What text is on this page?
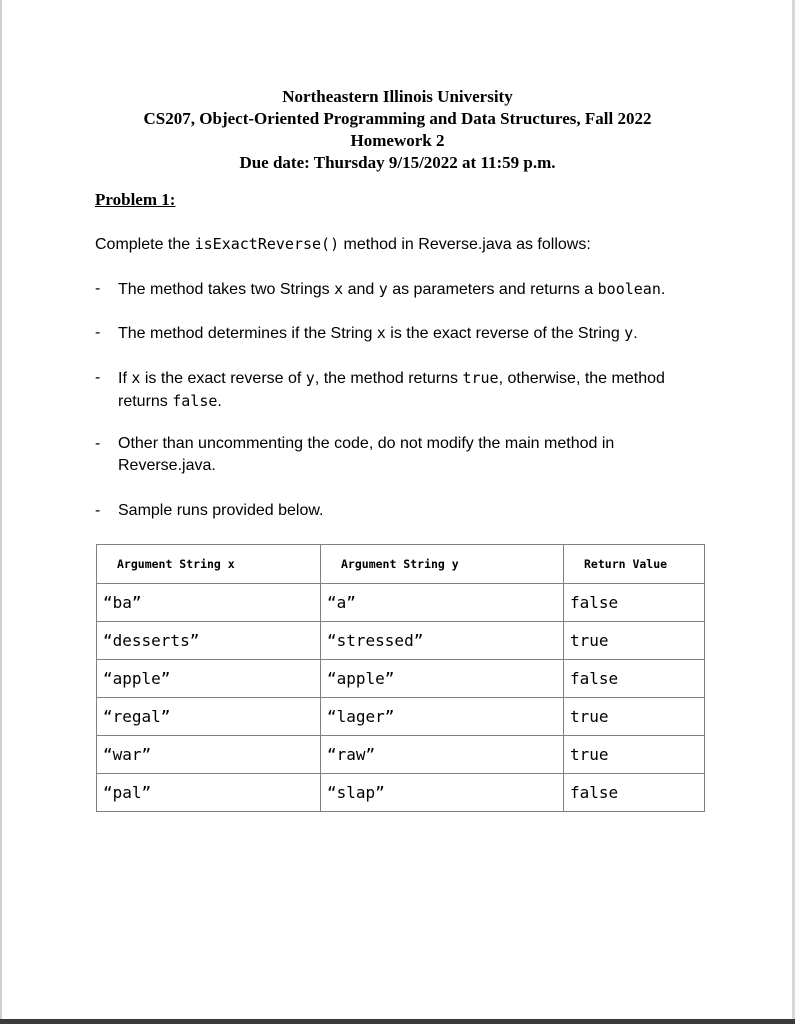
Northeastern Illinois University
CS207, Object-Oriented Programming and Data Structures, Fall 2022
Homework 2
Due date: Thursday 9/15/2022 at 11:59 p.m.
Problem 1:
Complete the isExactReverse() method in Reverse.java as follows:
- The method takes two Strings x and y as parameters and returns a boolean.
- The method determines if the String x is the exact reverse of the String y.
- If x is the exact reverse of y, the method returns true, otherwise, the method returns false.
- Other than uncommenting the code, do not modify the main method in Reverse.java.
- Sample runs provided below.
Argument String x	Argument String y	Return Value
“ba”	“a”	false
“desserts”	“stressed”	true
“apple”	“apple”	false
“regal”	“lager”	true
“war”	“raw”	true
“pal”	“slap”	false
